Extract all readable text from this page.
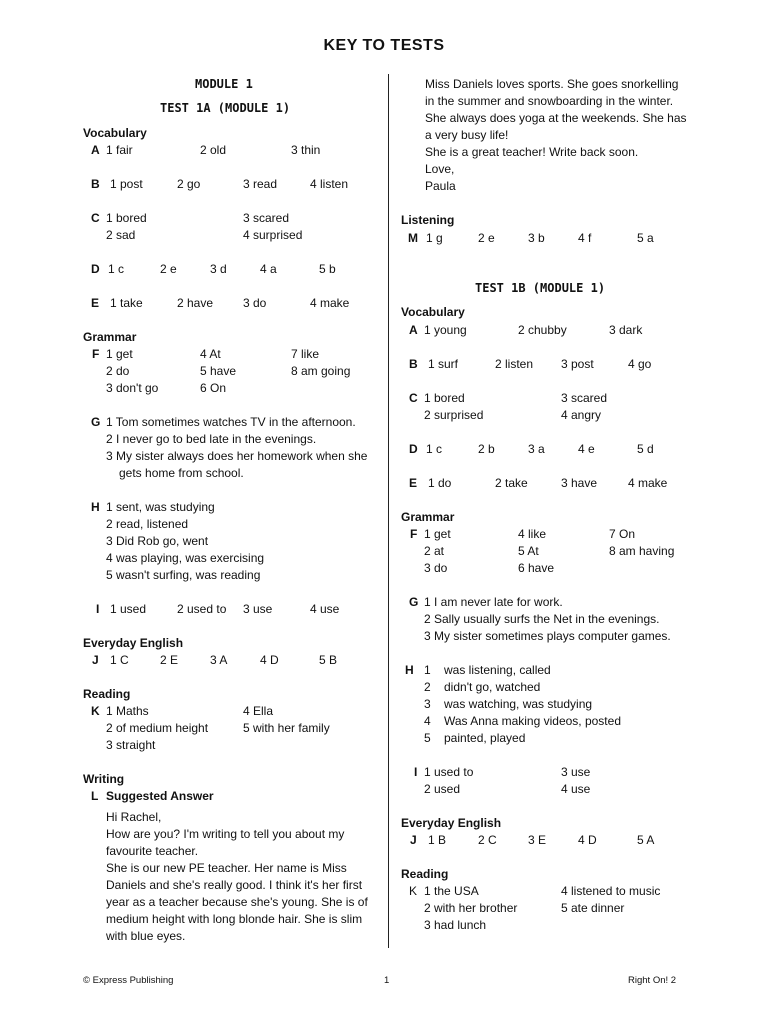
KEY TO TESTS
MODULE 1
TEST 1A (MODULE 1)
Vocabulary
A 1 fair	2 old	3 thin
B 1 post	2 go	3 read	4 listen
C 1 bored	3 scared
2 sad	4 surprised
D 1 c	2 e	3 d	4 a	5 b
E 1 take	2 have 3 do	4 make
Grammar
F 1 get	4 At	7 like
2 do	5 have	8 am going
3 don't go	6 On
G 1 Tom sometimes watches TV in the afternoon.
2 I never go to bed late in the evenings.
3 My sister always does her homework when she
gets home from school.
H 1 sent, was studying
2 read, listened
3 Did Rob go, went
4 was playing, was exercising
5 wasn't surfing, was reading
I 1 used	2 used to 3 use	4 use
Everyday English
J 1 C	2 E	3 A	4 D	5 B
Reading
K 1 Maths	4 Ella
2 of medium height	5 with her family
3 straight
Writing
L Suggested Answer
Hi Rachel,
How are you? I'm writing to tell you about my
favourite teacher.
She is our new PE teacher. Her name is Miss
Daniels and she's really good. I think it's her first
year as a teacher because she's young. She is of
medium height with long blonde hair. She is slim
with blue eyes.
Miss Daniels loves sports. She goes snorkelling
in the summer and snowboarding in the winter.
She always does yoga at the weekends. She has
a very busy life!
She is a great teacher! Write back soon.
Love,
Paula
Listening
M 1 g	2 e	3 b	4 f	5 a
TEST 1B (MODULE 1)
Vocabulary
A 1 young	2 chubby	3 dark
B 1 surf	2 listen 3 post	4 go
C 1 bored	3 scared
2 surprised	4 angry
D 1 c	2 b	3 a	4 e	5 d
E 1 do	2 take	3 have	4 make
Grammar
F 1 get	4 like	7 On
2 at	5 At	8 am having
3 do	6 have
G 1 I am never late for work.
2 Sally usually surfs the Net in the evenings.
3 My sister sometimes plays computer games.
H 1 was listening, called
2 didn't go, watched
3 was watching, was studying
4 Was Anna making videos, posted
5 painted, played
I 1 used to	3 use
2 used	4 use
Everyday English
J 1 B	2 C	3 E	4 D	5 A
Reading
K 1 the USA	4 listened to music
2 with her brother	5 ate dinner
3 had lunch
© Express Publishing	1	Right On! 2
